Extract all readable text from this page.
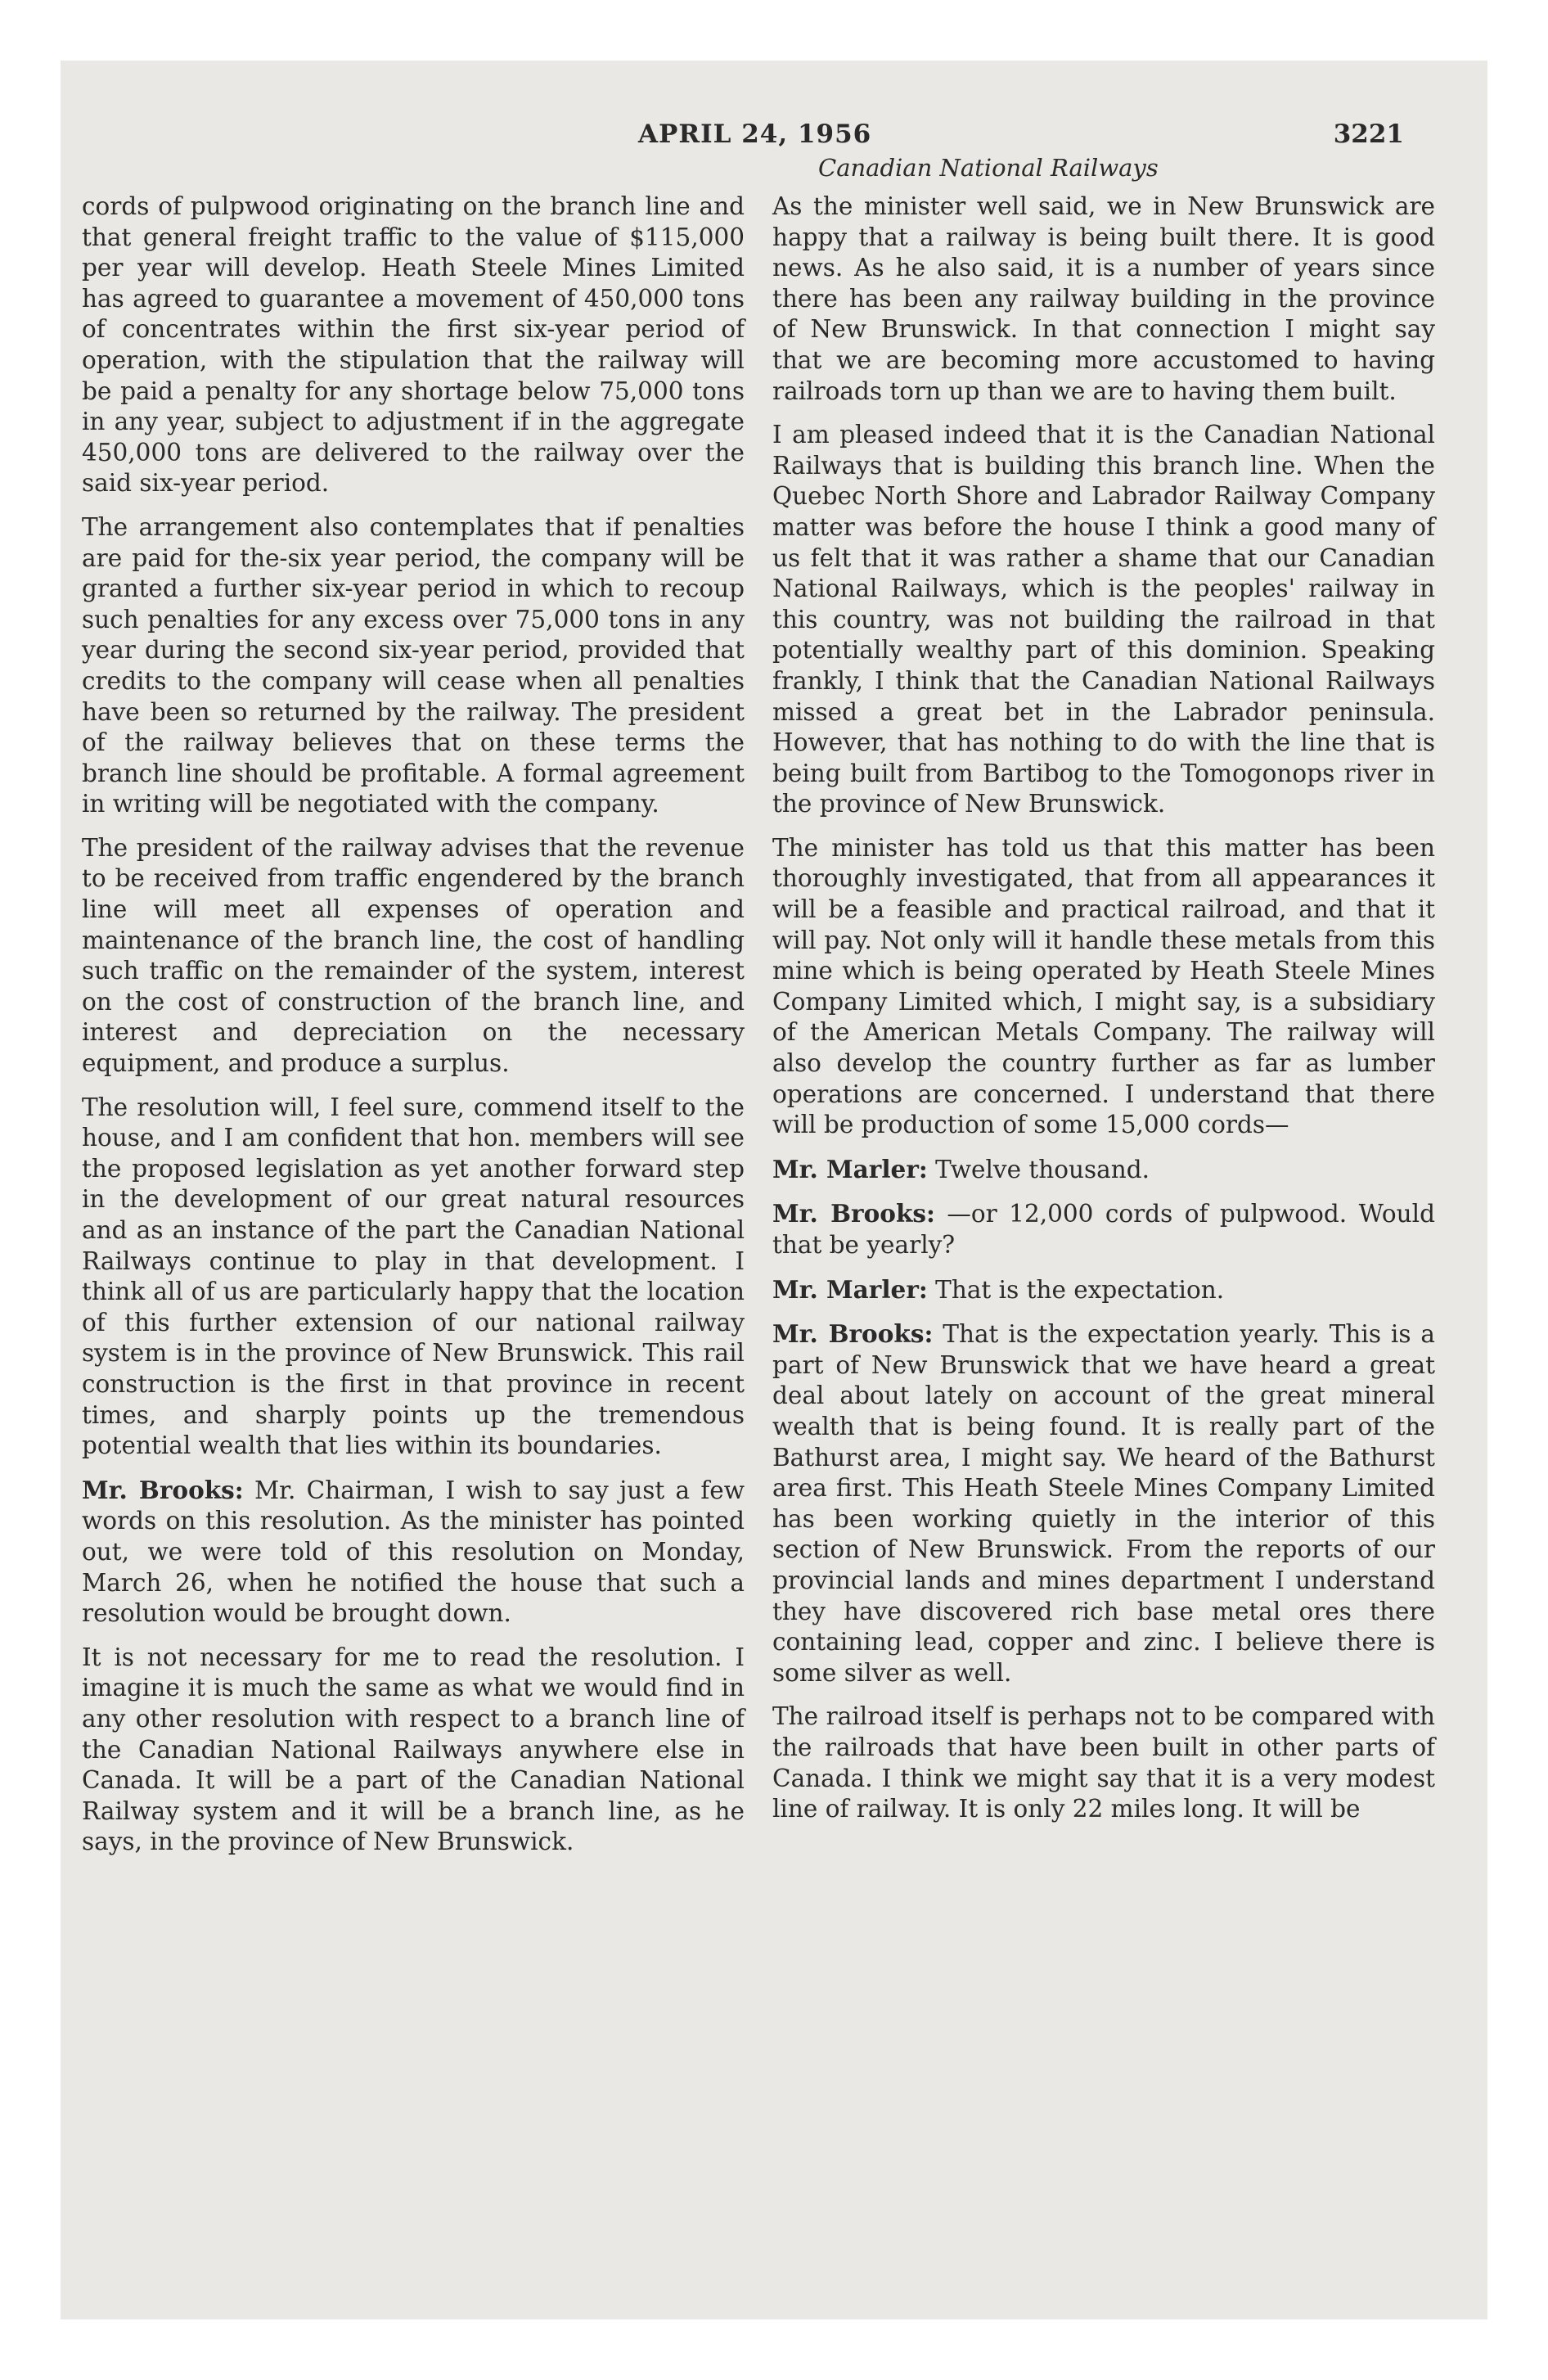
APRIL 24, 1956	3221
Canadian National Railways

cords of pulpwood originating on the branch line and that general freight traffic to the value of $115,000 per year will develop. Heath Steele Mines Limited has agreed to guarantee a movement of 450,000 tons of concentrates within the first six-year period of operation, with the stipulation that the railway will be paid a penalty for any shortage below 75,000 tons in any year, subject to adjustment if in the aggregate 450,000 tons are delivered to the railway over the said six-year period.

The arrangement also contemplates that if penalties are paid for the-six year period, the company will be granted a further six-year period in which to recoup such penalties for any excess over 75,000 tons in any year during the second six-year period, provided that credits to the company will cease when all penalties have been so returned by the railway. The president of the railway believes that on these terms the branch line should be profitable. A formal agreement in writing will be negotiated with the company.

The president of the railway advises that the revenue to be received from traffic engendered by the branch line will meet all expenses of operation and maintenance of the branch line, the cost of handling such traffic on the remainder of the system, interest on the cost of construction of the branch line, and interest and depreciation on the necessary equipment, and produce a surplus.

The resolution will, I feel sure, commend itself to the house, and I am confident that hon. members will see the proposed legislation as yet another forward step in the development of our great natural resources and as an instance of the part the Canadian National Railways continue to play in that development. I think all of us are particularly happy that the location of this further extension of our national railway system is in the province of New Brunswick. This rail construction is the first in that province in recent times, and sharply points up the tremendous potential wealth that lies within its boundaries.

Mr. Brooks: Mr. Chairman, I wish to say just a few words on this resolution. As the minister has pointed out, we were told of this resolution on Monday, March 26, when he notified the house that such a resolution would be brought down.

It is not necessary for me to read the resolution. I imagine it is much the same as what we would find in any other resolution with respect to a branch line of the Canadian National Railways anywhere else in Canada. It will be a part of the Canadian National Railway system and it will be a branch line, as he says, in the province of New Brunswick.

As the minister well said, we in New Brunswick are happy that a railway is being built there. It is good news. As he also said, it is a number of years since there has been any railway building in the province of New Brunswick. In that connection I might say that we are becoming more accustomed to having railroads torn up than we are to having them built.

I am pleased indeed that it is the Canadian National Railways that is building this branch line. When the Quebec North Shore and Labrador Railway Company matter was before the house I think a good many of us felt that it was rather a shame that our Canadian National Railways, which is the peoples' railway in this country, was not building the railroad in that potentially wealthy part of this dominion. Speaking frankly, I think that the Canadian National Railways missed a great bet in the Labrador peninsula. However, that has nothing to do with the line that is being built from Bartibog to the Tomogonops river in the province of New Brunswick.

The minister has told us that this matter has been thoroughly investigated, that from all appearances it will be a feasible and practical railroad, and that it will pay. Not only will it handle these metals from this mine which is being operated by Heath Steele Mines Company Limited which, I might say, is a subsidiary of the American Metals Company. The railway will also develop the country further as far as lumber operations are concerned. I understand that there will be production of some 15,000 cords—

Mr. Marler: Twelve thousand.

Mr. Brooks: —or 12,000 cords of pulpwood. Would that be yearly?

Mr. Marler: That is the expectation.

Mr. Brooks: That is the expectation yearly. This is a part of New Brunswick that we have heard a great deal about lately on account of the great mineral wealth that is being found. It is really part of the Bathurst area, I might say. We heard of the Bathurst area first. This Heath Steele Mines Company Limited has been working quietly in the interior of this section of New Brunswick. From the reports of our provincial lands and mines department I understand they have discovered rich base metal ores there containing lead, copper and zinc. I believe there is some silver as well.

The railroad itself is perhaps not to be compared with the railroads that have been built in other parts of Canada. I think we might say that it is a very modest line of railway. It is only 22 miles long. It will be
